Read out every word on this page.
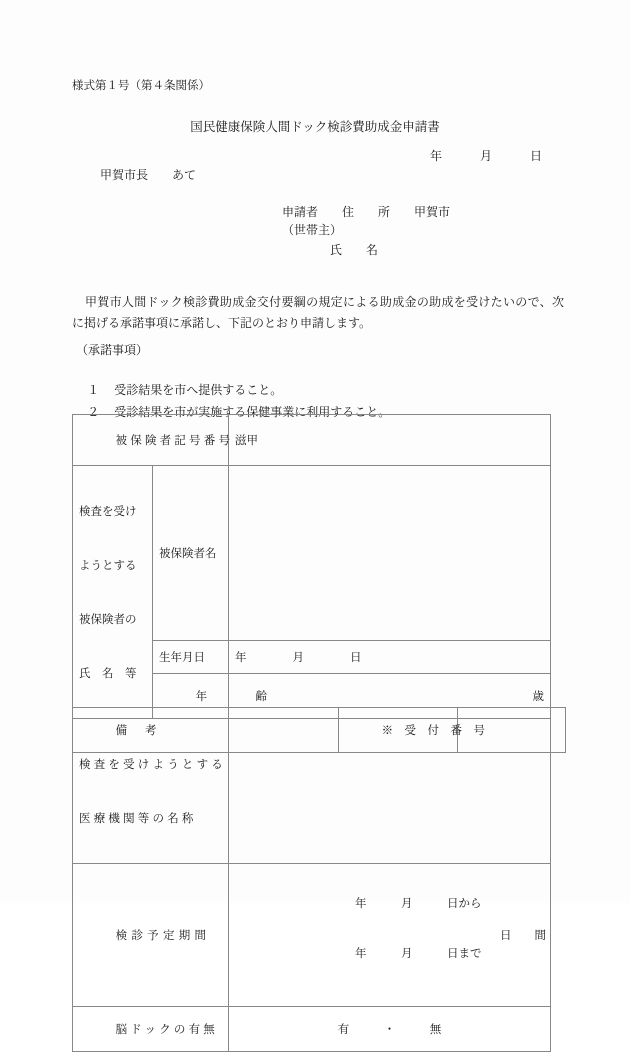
様式第１号（第４条関係）
国民健康保険人間ドック検診費助成金申請書
年　　　月　　　日
甲賀市長　　あて
申請者　　住　　所　　甲賀市
（世帯主）
氏　　名
甲賀市人間ドック検診費助成金交付要綱の規定による助成金の助成を受けたいので、次に掲げる承諾事項に承諾し、下記のとおり申請します。
（承諾事項）

１ 受診結果を市へ提供すること。

２ 受診結果を市が実施する保健事業に利用すること。

被保険者記号番号		滋甲

検査を受け

ようとする

被保険者の

氏　名　等	被保険者名	
	生年月日	年　　　　月　　　　日

年　　齢	歳

検査を受けようとする

医療機関等の名称		

検診予定期間		年　　　月　　　日から

年　　　月　　　日まで

日　　間

脳ドックの有無		有　　　・　　　無

備　考	※　受　付　番　号
